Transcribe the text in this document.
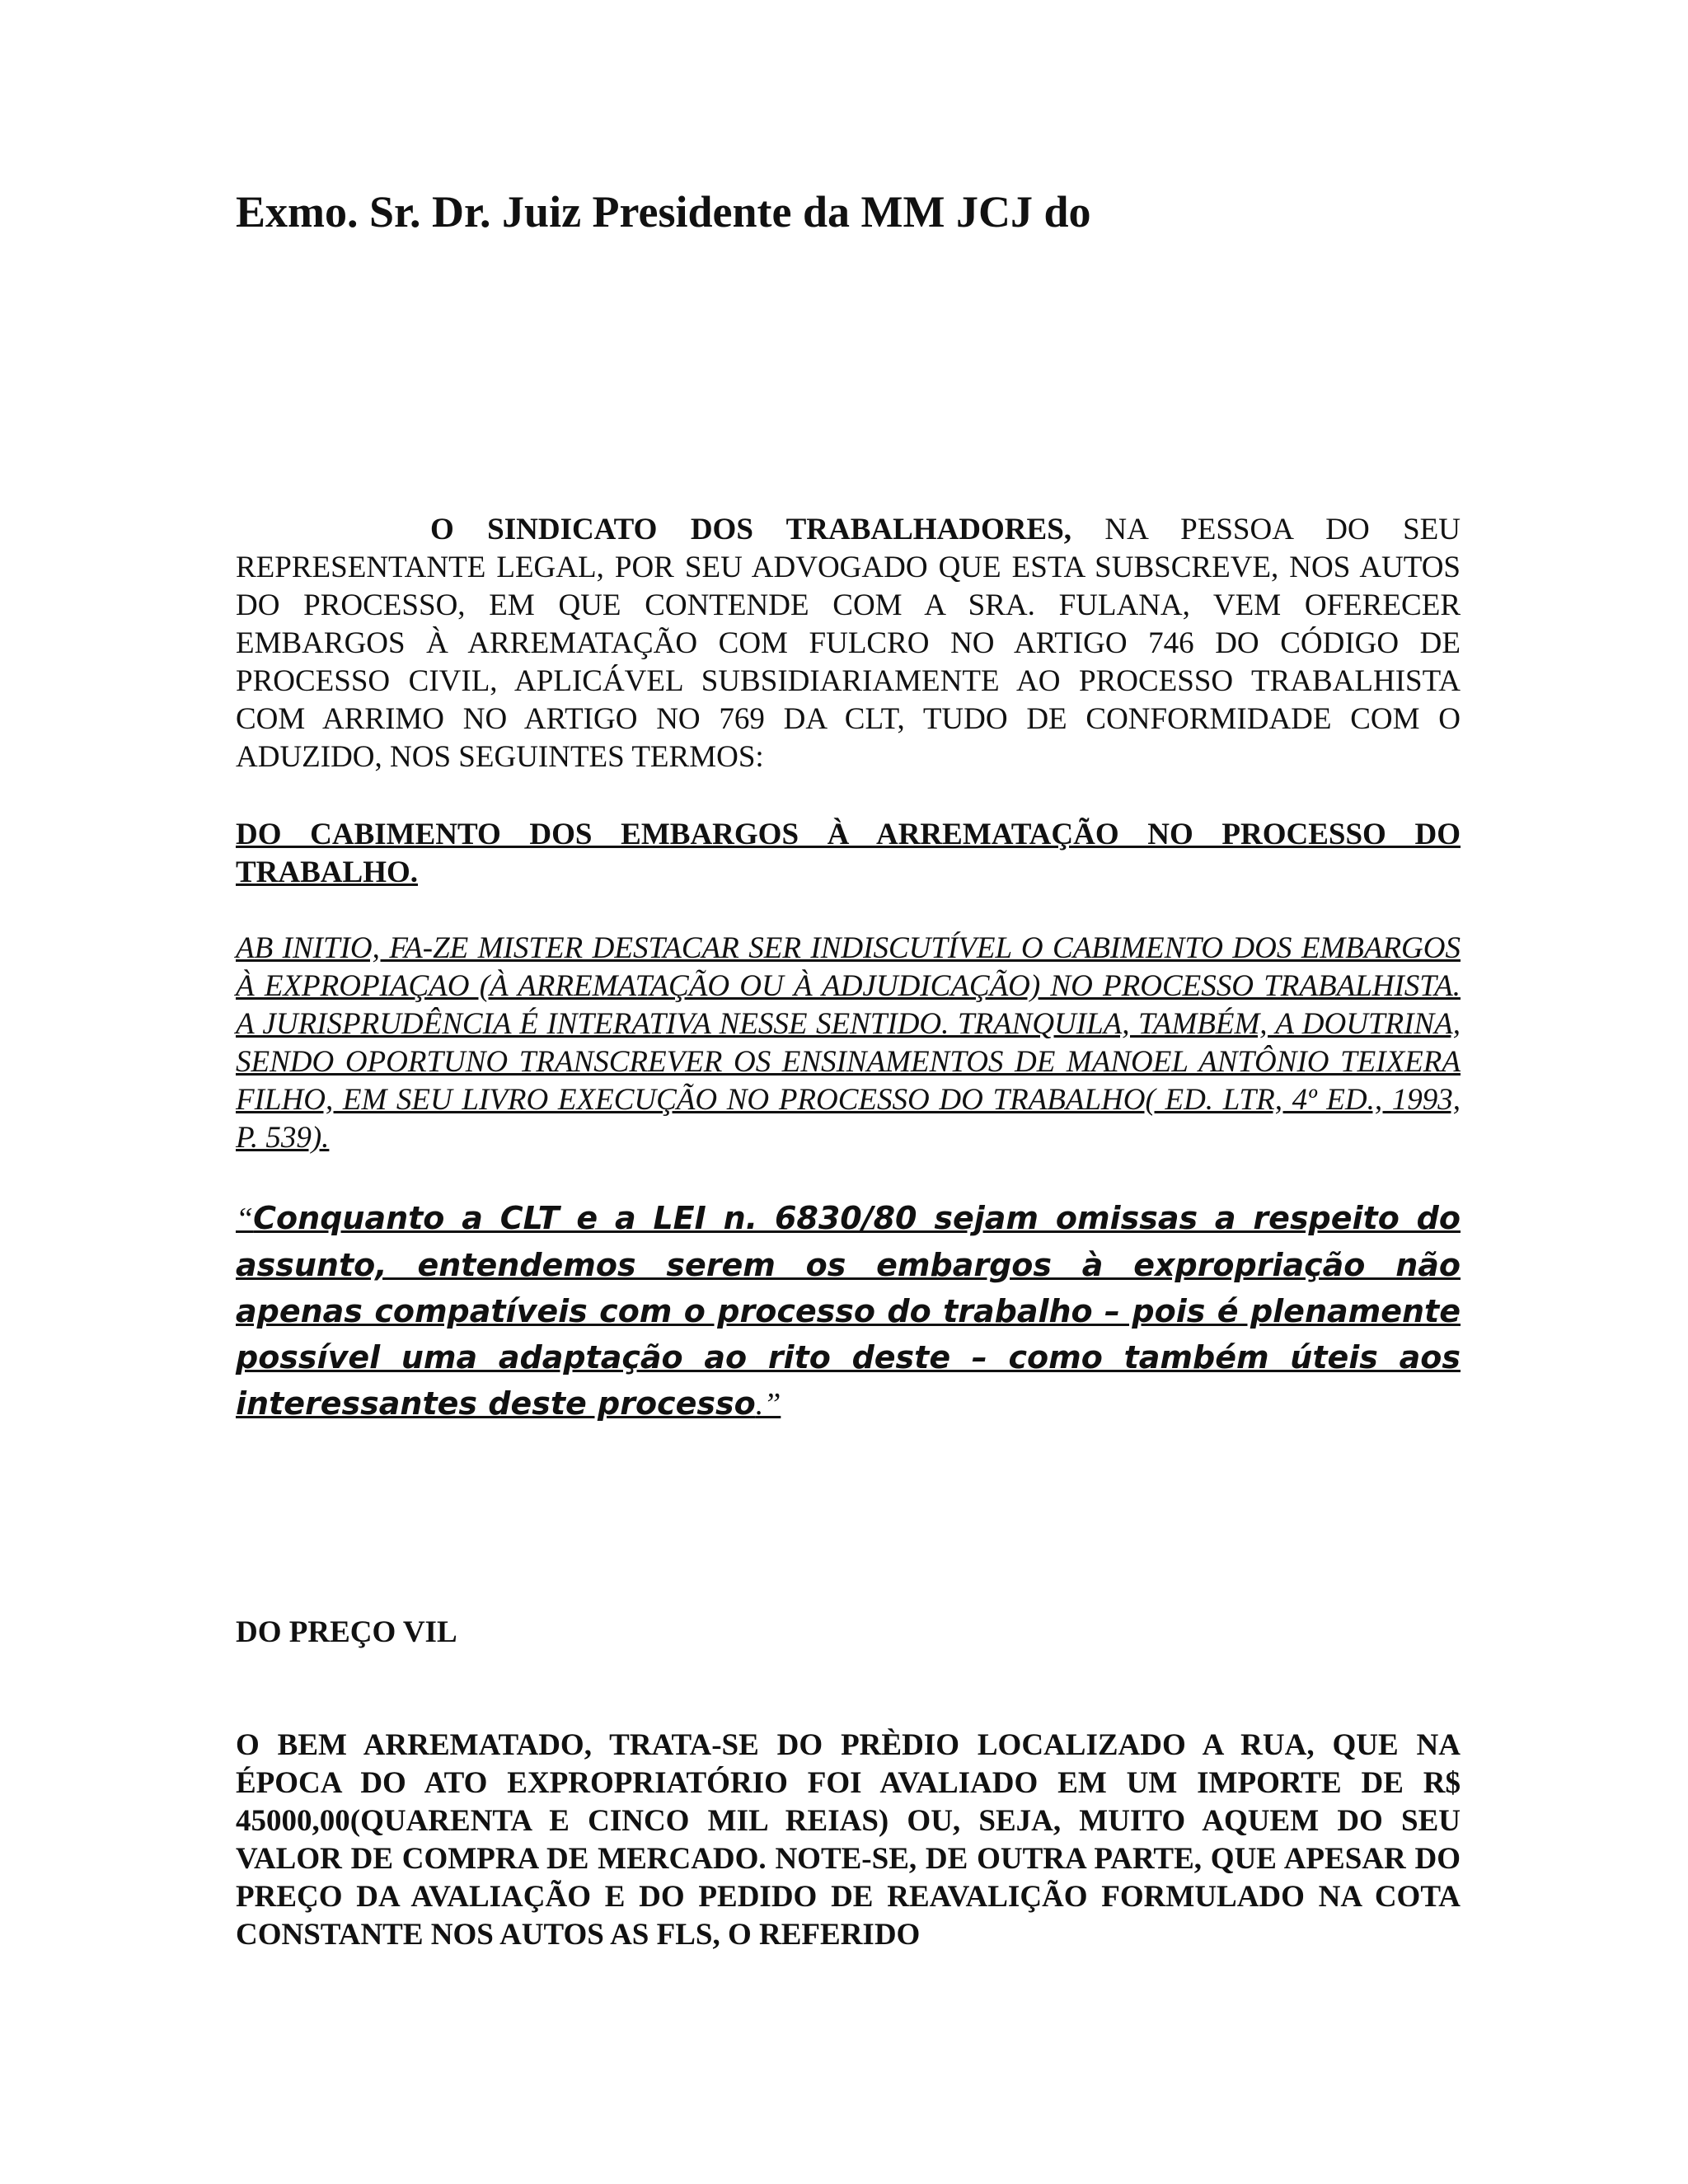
Exmo. Sr. Dr. Juiz Presidente da MM JCJ do
O SINDICATO DOS TRABALHADORES, NA PESSOA DO SEU REPRESENTANTE LEGAL, POR SEU ADVOGADO QUE ESTA SUBSCREVE, NOS AUTOS DO PROCESSO, EM QUE CONTENDE COM A SRA. FULANA, VEM OFERECER EMBARGOS À ARREMATAÇÃO COM FULCRO NO ARTIGO 746 DO CÓDIGO DE PROCESSO CIVIL, APLICÁVEL SUBSIDIARIAMENTE AO PROCESSO TRABALHISTA COM ARRIMO NO ARTIGO NO 769 DA CLT, TUDO DE CONFORMIDADE COM O ADUZIDO, NOS SEGUINTES TERMOS:
DO CABIMENTO DOS EMBARGOS À ARREMATAÇÃO NO PROCESSO DO TRABALHO.
AB INITIO, FA-ZE MISTER DESTACAR SER INDISCUTÍVEL O CABIMENTO DOS EMBARGOS À EXPROPIAÇAO (À ARREMATAÇÃO OU À ADJUDICAÇÃO) NO PROCESSO TRABALHISTA. A JURISPRUDÊNCIA É INTERATIVA NESSE SENTIDO. TRANQUILA, TAMBÉM, A DOUTRINA, SENDO OPORTUNO TRANSCREVER OS ENSINAMENTOS DE MANOEL ANTÔNIO TEIXERA FILHO, EM SEU LIVRO EXECUÇÃO NO PROCESSO DO TRABALHO( ED. LTR, 4º ED., 1993, P. 539).
“Conquanto a CLT e a LEI n. 6830/80 sejam omissas a respeito do assunto, entendemos serem os embargos à expropriação não apenas compatíveis com o processo do trabalho – pois é plenamente possível uma adaptação ao rito deste – como também úteis aos interessantes deste processo.”
DO PREÇO VIL
O BEM ARREMATADO, TRATA-SE DO PRÈDIO LOCALIZADO A RUA, QUE NA ÉPOCA DO ATO EXPROPRIATÓRIO FOI AVALIADO EM UM IMPORTE DE R$ 45000,00(QUARENTA E CINCO MIL REIAS) OU, SEJA, MUITO AQUEM DO SEU VALOR DE COMPRA DE MERCADO. NOTE-SE, DE OUTRA PARTE, QUE APESAR DO PREÇO DA AVALIAÇÃO E DO PEDIDO DE REAVALIÇÃO FORMULADO NA COTA CONSTANTE NOS AUTOS AS FLS, O REFERIDO
